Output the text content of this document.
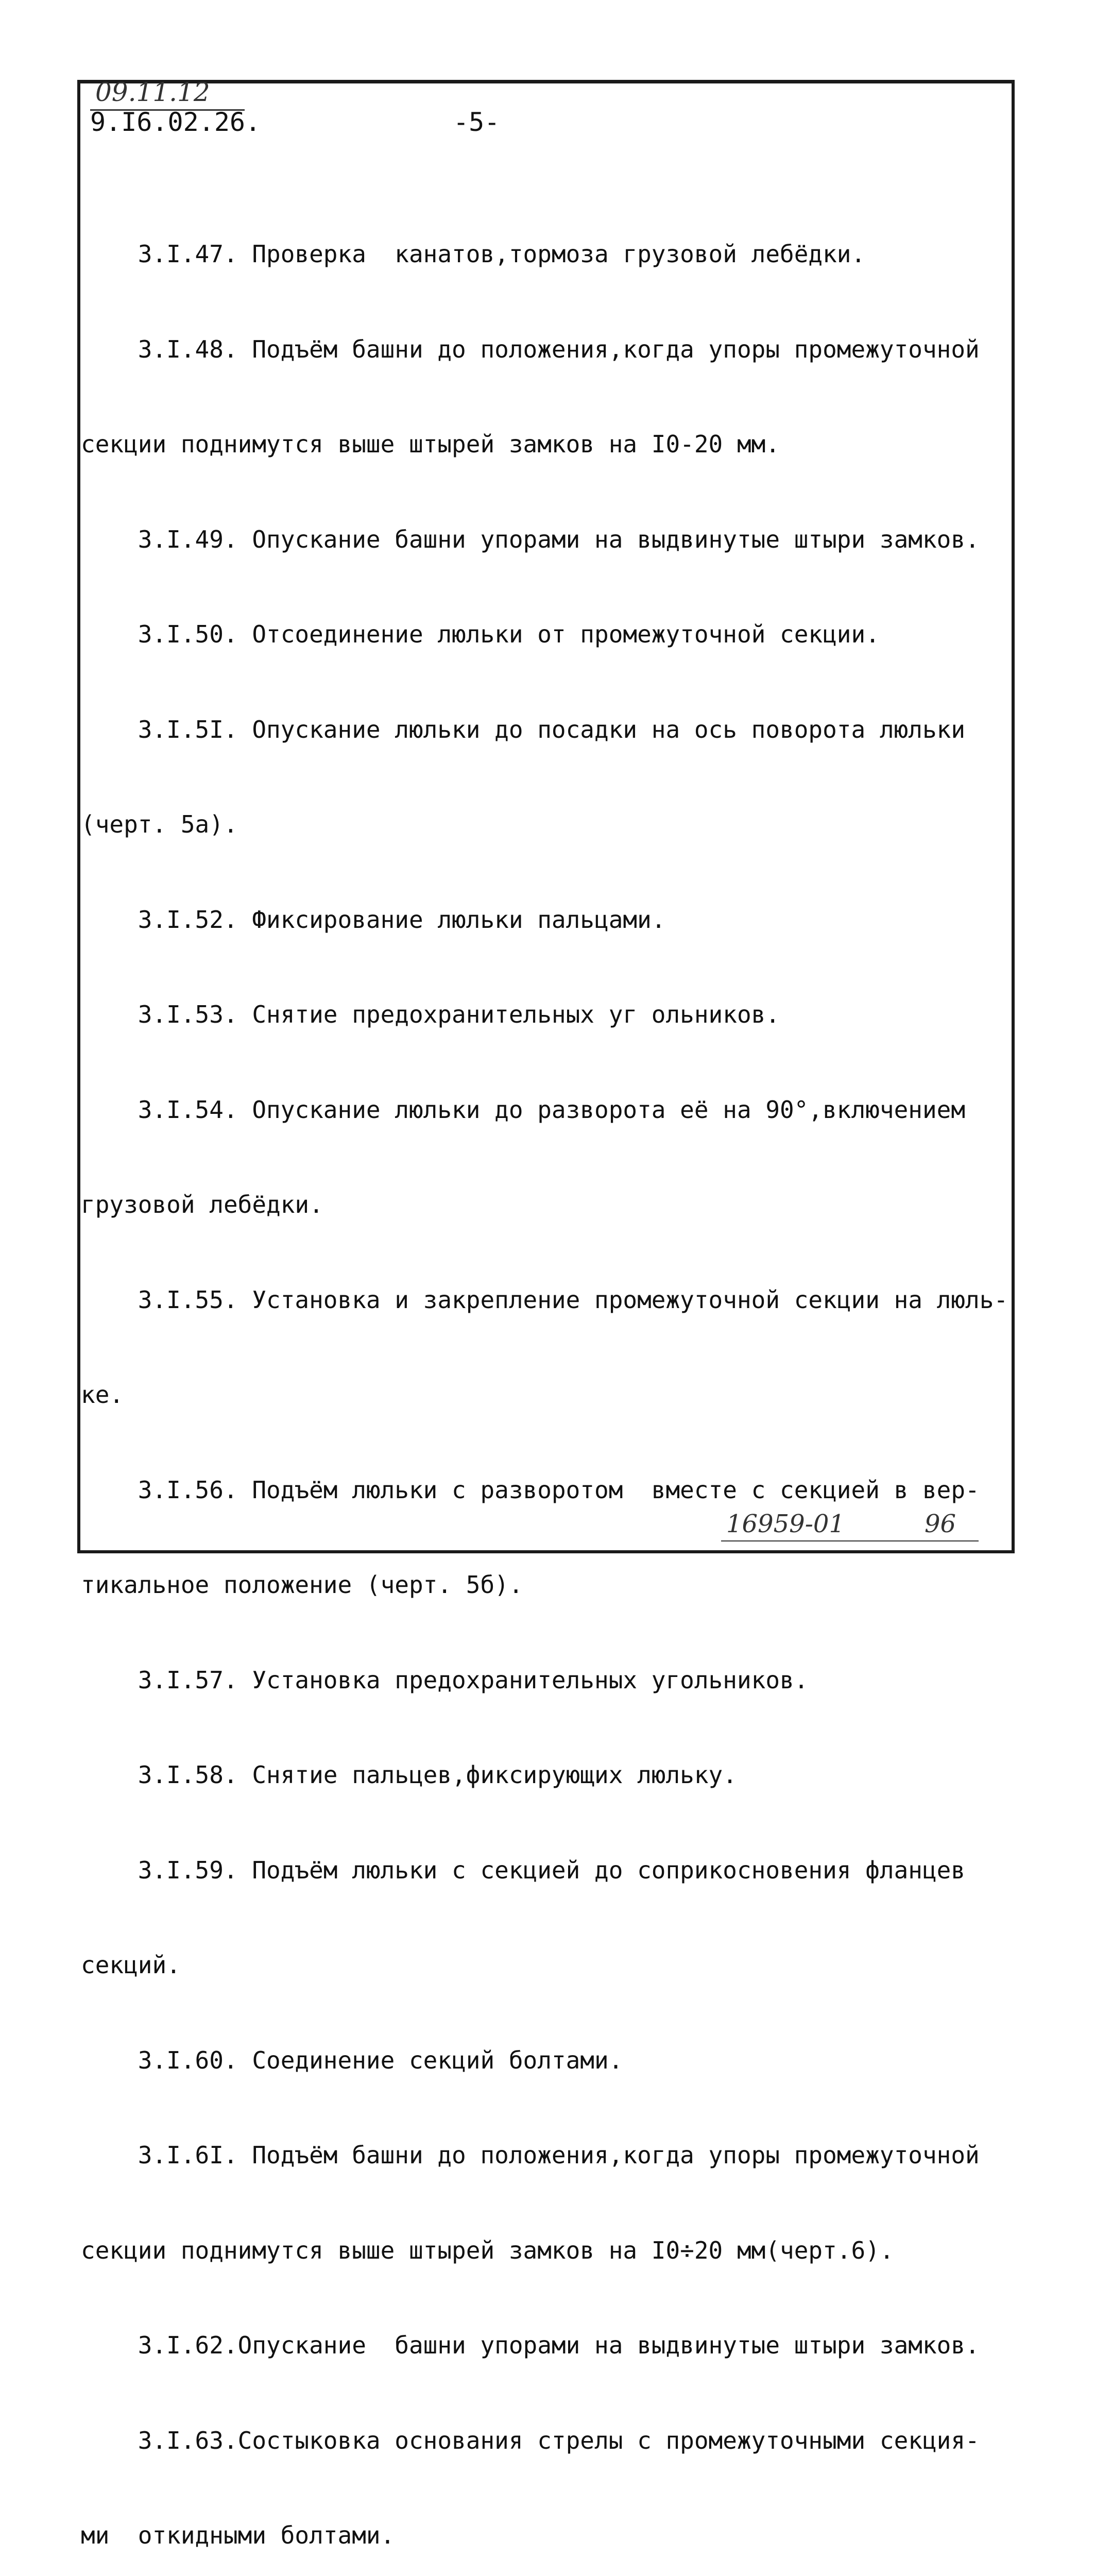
09.11.12
9.I6.02.26.	-5-

3.I.47. Проверка  канатов,тормоза грузовой лебёдки.

3.I.48. Подъём башни до положения,когда упоры промежуточной

секции поднимутся выше штырей замков на I0-20 мм.

3.I.49. Опускание башни упорами на выдвинутые штыри замков.

3.I.50. Отсоединение люльки от промежуточной секции.

3.I.5I. Опускание люльки до посадки на ось поворота люльки

(черт. 5а).

3.I.52. Фиксирование люльки пальцами.

3.I.53. Снятие предохранительных уг ольников.

3.I.54. Опускание люльки до разворота её на 90°,включением

грузовой лебёдки.

3.I.55. Установка и закрепление промежуточной секции на люль-

ке.

3.I.56. Подъём люльки с разворотом  вместе с секцией в вер-

тикальное положение (черт. 5б).

3.I.57. Установка предохранительных угольников.

3.I.58. Снятие пальцев,фиксирующих люльку.

3.I.59. Подъём люльки с секцией до соприкосновения фланцев

секций.

3.I.60. Соединение секций болтами.

3.I.6I. Подъём башни до положения,когда упоры промежуточной

секции поднимутся выше штырей замков на I0÷20 мм(черт.6).

3.I.62.Опускание  башни упорами на выдвинутые штыри замков.

3.I.63.Состыковка основания стрелы с промежуточными секция-

ми  откидными болтами.

16959-01	96
